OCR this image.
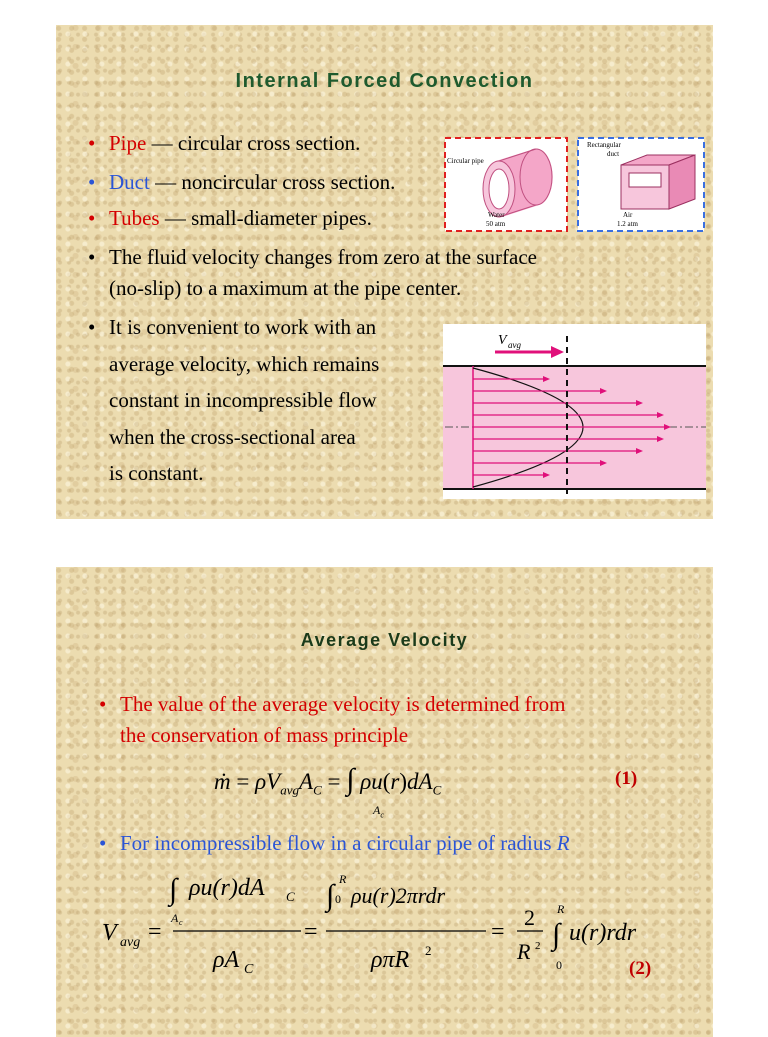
Internal Forced Convection
• Pipe — circular cross section.
• Duct — noncircular cross section.
• Tubes — small-diameter pipes.
• The fluid velocity changes from zero at the surface
(no-slip) to a maximum at the pipe center.
• It is convenient to work with an
average velocity, which remains
constant in incompressible flow
when the cross-sectional area
is constant.
Circular pipe
Water
50 atm
Rectangular
duct
Air
1.2 atm
V avg
Average Velocity
• The value of the average velocity is determined from
the conservation of mass principle
ṁ = $\rho V_{avg}A_C$ = ∫ $\rho u(r)dA_C$
$A_c$
(1)
• For incompressible flow in a circular pipe of radius R
V avg =
∫ ρu(r)dA C
A c
ρA C
=
∫ R
0 ρu(r)2πrdr
ρπR 2
=
2
R 2 ∫
R
0
u(r)rdr
(2)
